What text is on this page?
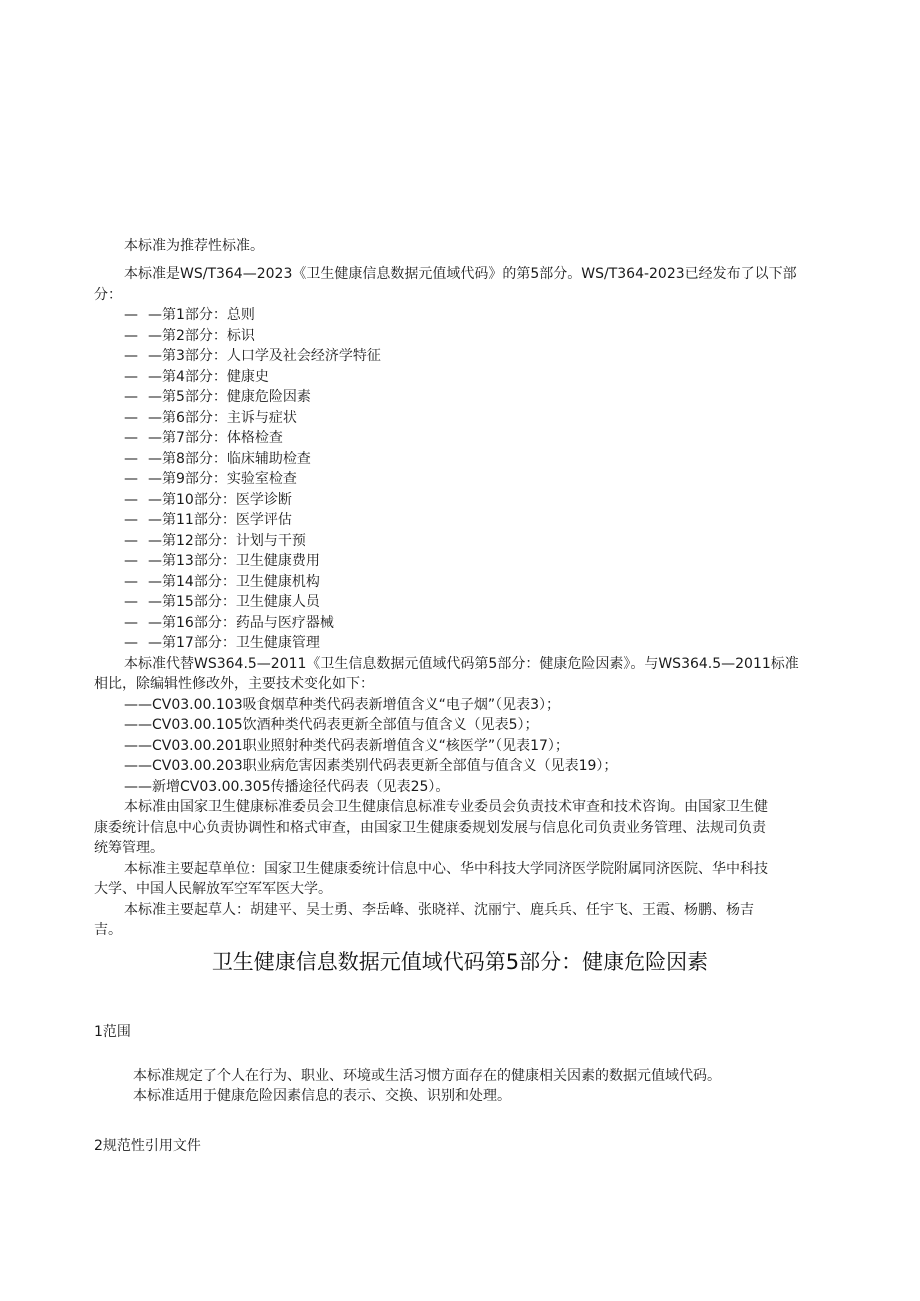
本标准为推荐性标准。
本标准是WS/T364—2023《卫生健康信息数据元值域代码》的第5部分。WS/T364-2023已经发布了以下部
分：
— —第1部分：总则
— —第2部分：标识
— —第3部分：人口学及社会经济学特征
— —第4部分：健康史
— —第5部分：健康危险因素
— —第6部分：主诉与症状
— —第7部分：体格检查
— —第8部分：临床辅助检查
— —第9部分：实验室检查
— —第10部分：医学诊断
— —第11部分：医学评估
— —第12部分：计划与干预
— —第13部分：卫生健康费用
— —第14部分：卫生健康机构
— —第15部分：卫生健康人员
— —第16部分：药品与医疗器械
— —第17部分：卫生健康管理
本标准代替WS364.5—2011《卫生信息数据元值域代码第5部分：健康危险因素》。与WS364.5—2011标准
相比，除编辑性修改外，主要技术变化如下：
——CV03.00.103吸食烟草种类代码表新增值含义“电子烟”（见表3）；
——CV03.00.105饮酒种类代码表更新全部值与值含义（见表5）；
——CV03.00.201职业照射种类代码表新增值含义“核医学”（见表17）；
——CV03.00.203职业病危害因素类别代码表更新全部值与值含义（见表19）；
——新增CV03.00.305传播途径代码表（见表25）。
本标准由国家卫生健康标准委员会卫生健康信息标准专业委员会负责技术审查和技术咨询。由国家卫生健
康委统计信息中心负责协调性和格式审查，由国家卫生健康委规划发展与信息化司负责业务管理、法规司负责
统筹管理。
本标准主要起草单位：国家卫生健康委统计信息中心、华中科技大学同济医学院附属同济医院、华中科技
大学、中国人民解放军空军军医大学。
本标准主要起草人：胡建平、吴士勇、李岳峰、张晓祥、沈丽宁、鹿兵兵、任宇飞、王霞、杨鹏、杨吉
吉。
卫生健康信息数据元值域代码第5部分：健康危险因素
1范围
本标准规定了个人在行为、职业、环境或生活习惯方面存在的健康相关因素的数据元值域代码。
本标准适用于健康危险因素信息的表示、交换、识别和处理。
2规范性引用文件
